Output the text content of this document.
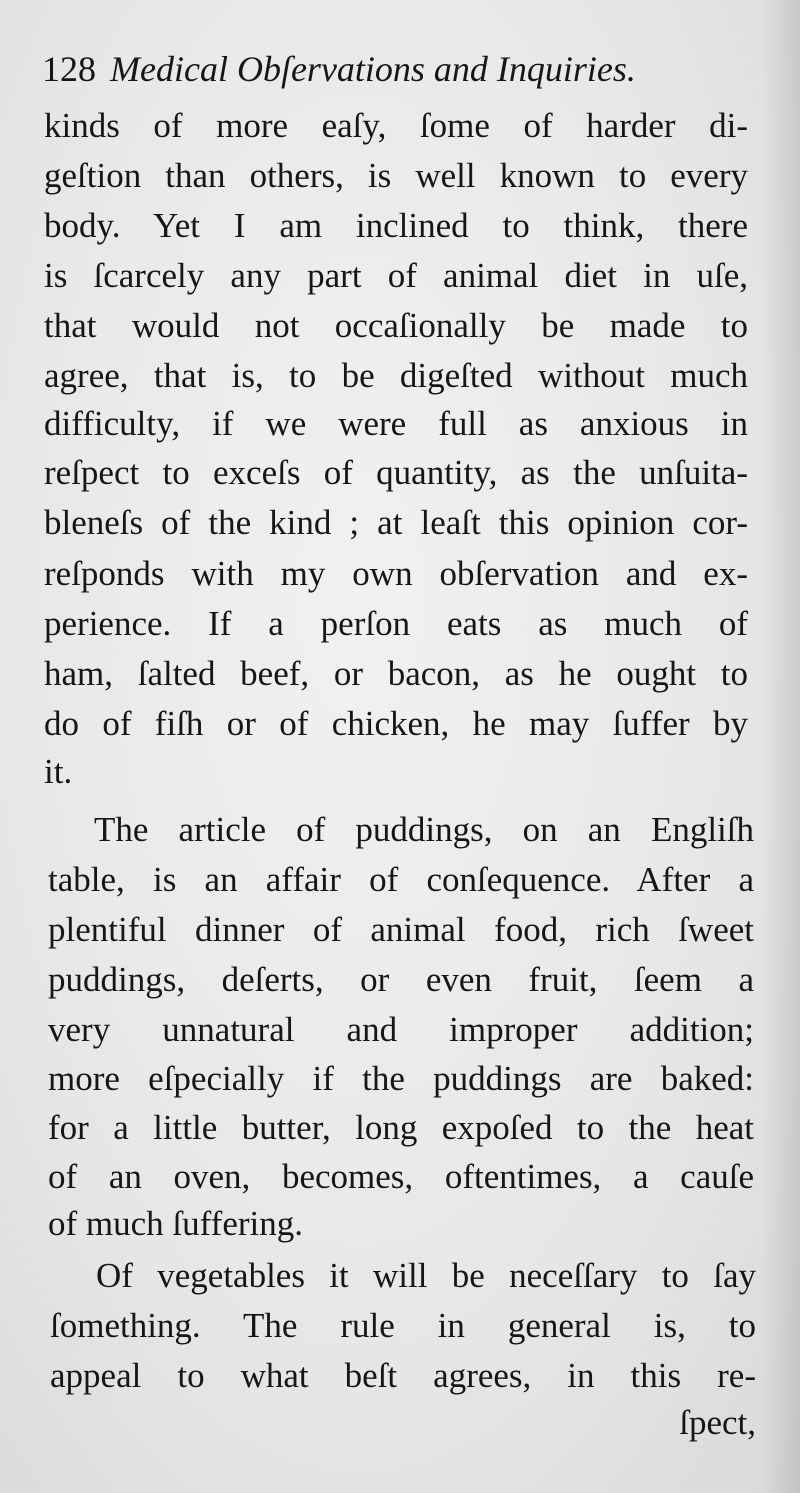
128 Medical Obſervations and Inquiries.
kinds of more eaſy, ſome of harder di-
geſtion than others, is well known to every
body. Yet I am inclined to think, there
is ſcarcely any part of animal diet in uſe,
that would not occaſionally be made to
agree, that is, to be digeſted without much
difficulty, if we were full as anxious in
reſpect to exceſs of quantity, as the unſuita-
bleneſs of the kind ; at leaſt this opinion cor-
reſponds with my own obſervation and ex-
perience. If a perſon eats as much of
ham, ſalted beef, or bacon, as he ought to
do of fiſh or of chicken, he may ſuffer by
it.
The article of puddings, on an Engliſh
table, is an affair of conſequence. After a
plentiful dinner of animal food, rich ſweet
puddings, deſerts, or even fruit, ſeem a
very unnatural and improper addition;
more eſpecially if the puddings are baked:
for a little butter, long expoſed to the heat
of an oven, becomes, oftentimes, a cauſe
of much ſuffering.
Of vegetables it will be neceſſary to ſay
ſomething. The rule in general is, to
appeal to what beſt agrees, in this re-
ſpect,
